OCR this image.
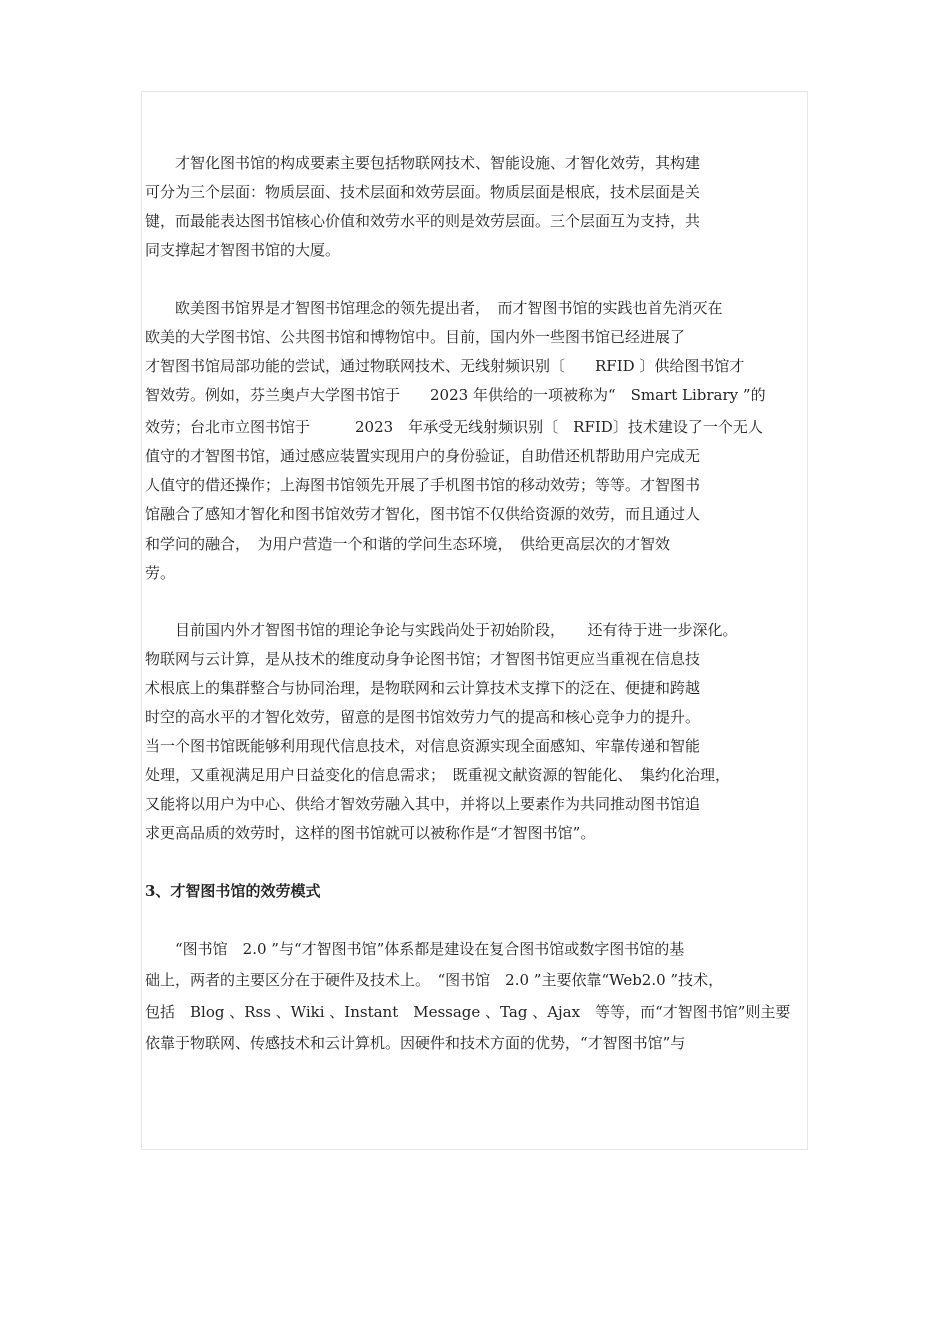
　　才智化图书馆的构成要素主要包括物联网技术、智能设施、才智化效劳，其构建
可分为三个层面：物质层面、技术层面和效劳层面。物质层面是根底，技术层面是关
键，而最能表达图书馆核心价值和效劳水平的则是效劳层面。三个层面互为支持，共
同支撑起才智图书馆的大厦。
　　欧美图书馆界是才智图书馆理念的领先提出者，　而才智图书馆的实践也首先消灭在
欧美的大学图书馆、公共图书馆和博物馆中。目前，国内外一些图书馆已经进展了
才智图书馆局部功能的尝试，通过物联网技术、无线射频识别〔　　RFID 〕供给图书馆才
智效劳。例如，芬兰奥卢大学图书馆于　　2023 年供给的一项被称为“　Smart Library ”的
效劳；台北市立图书馆于　　　2023　年承受无线射频识别〔　RFID〕技术建设了一个无人
值守的才智图书馆，通过感应装置实现用户的身份验证，自助借还机帮助用户完成无
人值守的借还操作；上海图书馆领先开展了手机图书馆的移动效劳；等等。才智图书
馆融合了感知才智化和图书馆效劳才智化，图书馆不仅供给资源的效劳，而且通过人
和学问的融合，　为用户营造一个和谐的学问生态环境，　供给更高层次的才智效
劳。
　　目前国内外才智图书馆的理论争论与实践尚处于初始阶段，　　还有待于进一步深化。
物联网与云计算，是从技术的维度动身争论图书馆；才智图书馆更应当重视在信息技
术根底上的集群整合与协同治理，是物联网和云计算技术支撑下的泛在、便捷和跨越
时空的高水平的才智化效劳，留意的是图书馆效劳力气的提高和核心竞争力的提升。
当一个图书馆既能够利用现代信息技术，对信息资源实现全面感知、牢靠传递和智能
处理，又重视满足用户日益变化的信息需求；　既重视文献资源的智能化、　集约化治理，
又能将以用户为中心、供给才智效劳融入其中，并将以上要素作为共同推动图书馆追
求更高品质的效劳时，这样的图书馆就可以被称作是“才智图书馆”。
3、才智图书馆的效劳模式
　　“图书馆　2.0 ”与“才智图书馆”体系都是建设在复合图书馆或数字图书馆的基
础上，两者的主要区分在于硬件及技术上。　“图书馆　2.0 ”主要依靠“Web2.0 ”技术，
包括　Blog 、Rss 、Wiki 、Instant　Message 、Tag 、Ajax　等等，而“才智图书馆”则主要
依靠于物联网、传感技术和云计算机。因硬件和技术方面的优势，“才智图书馆”与
